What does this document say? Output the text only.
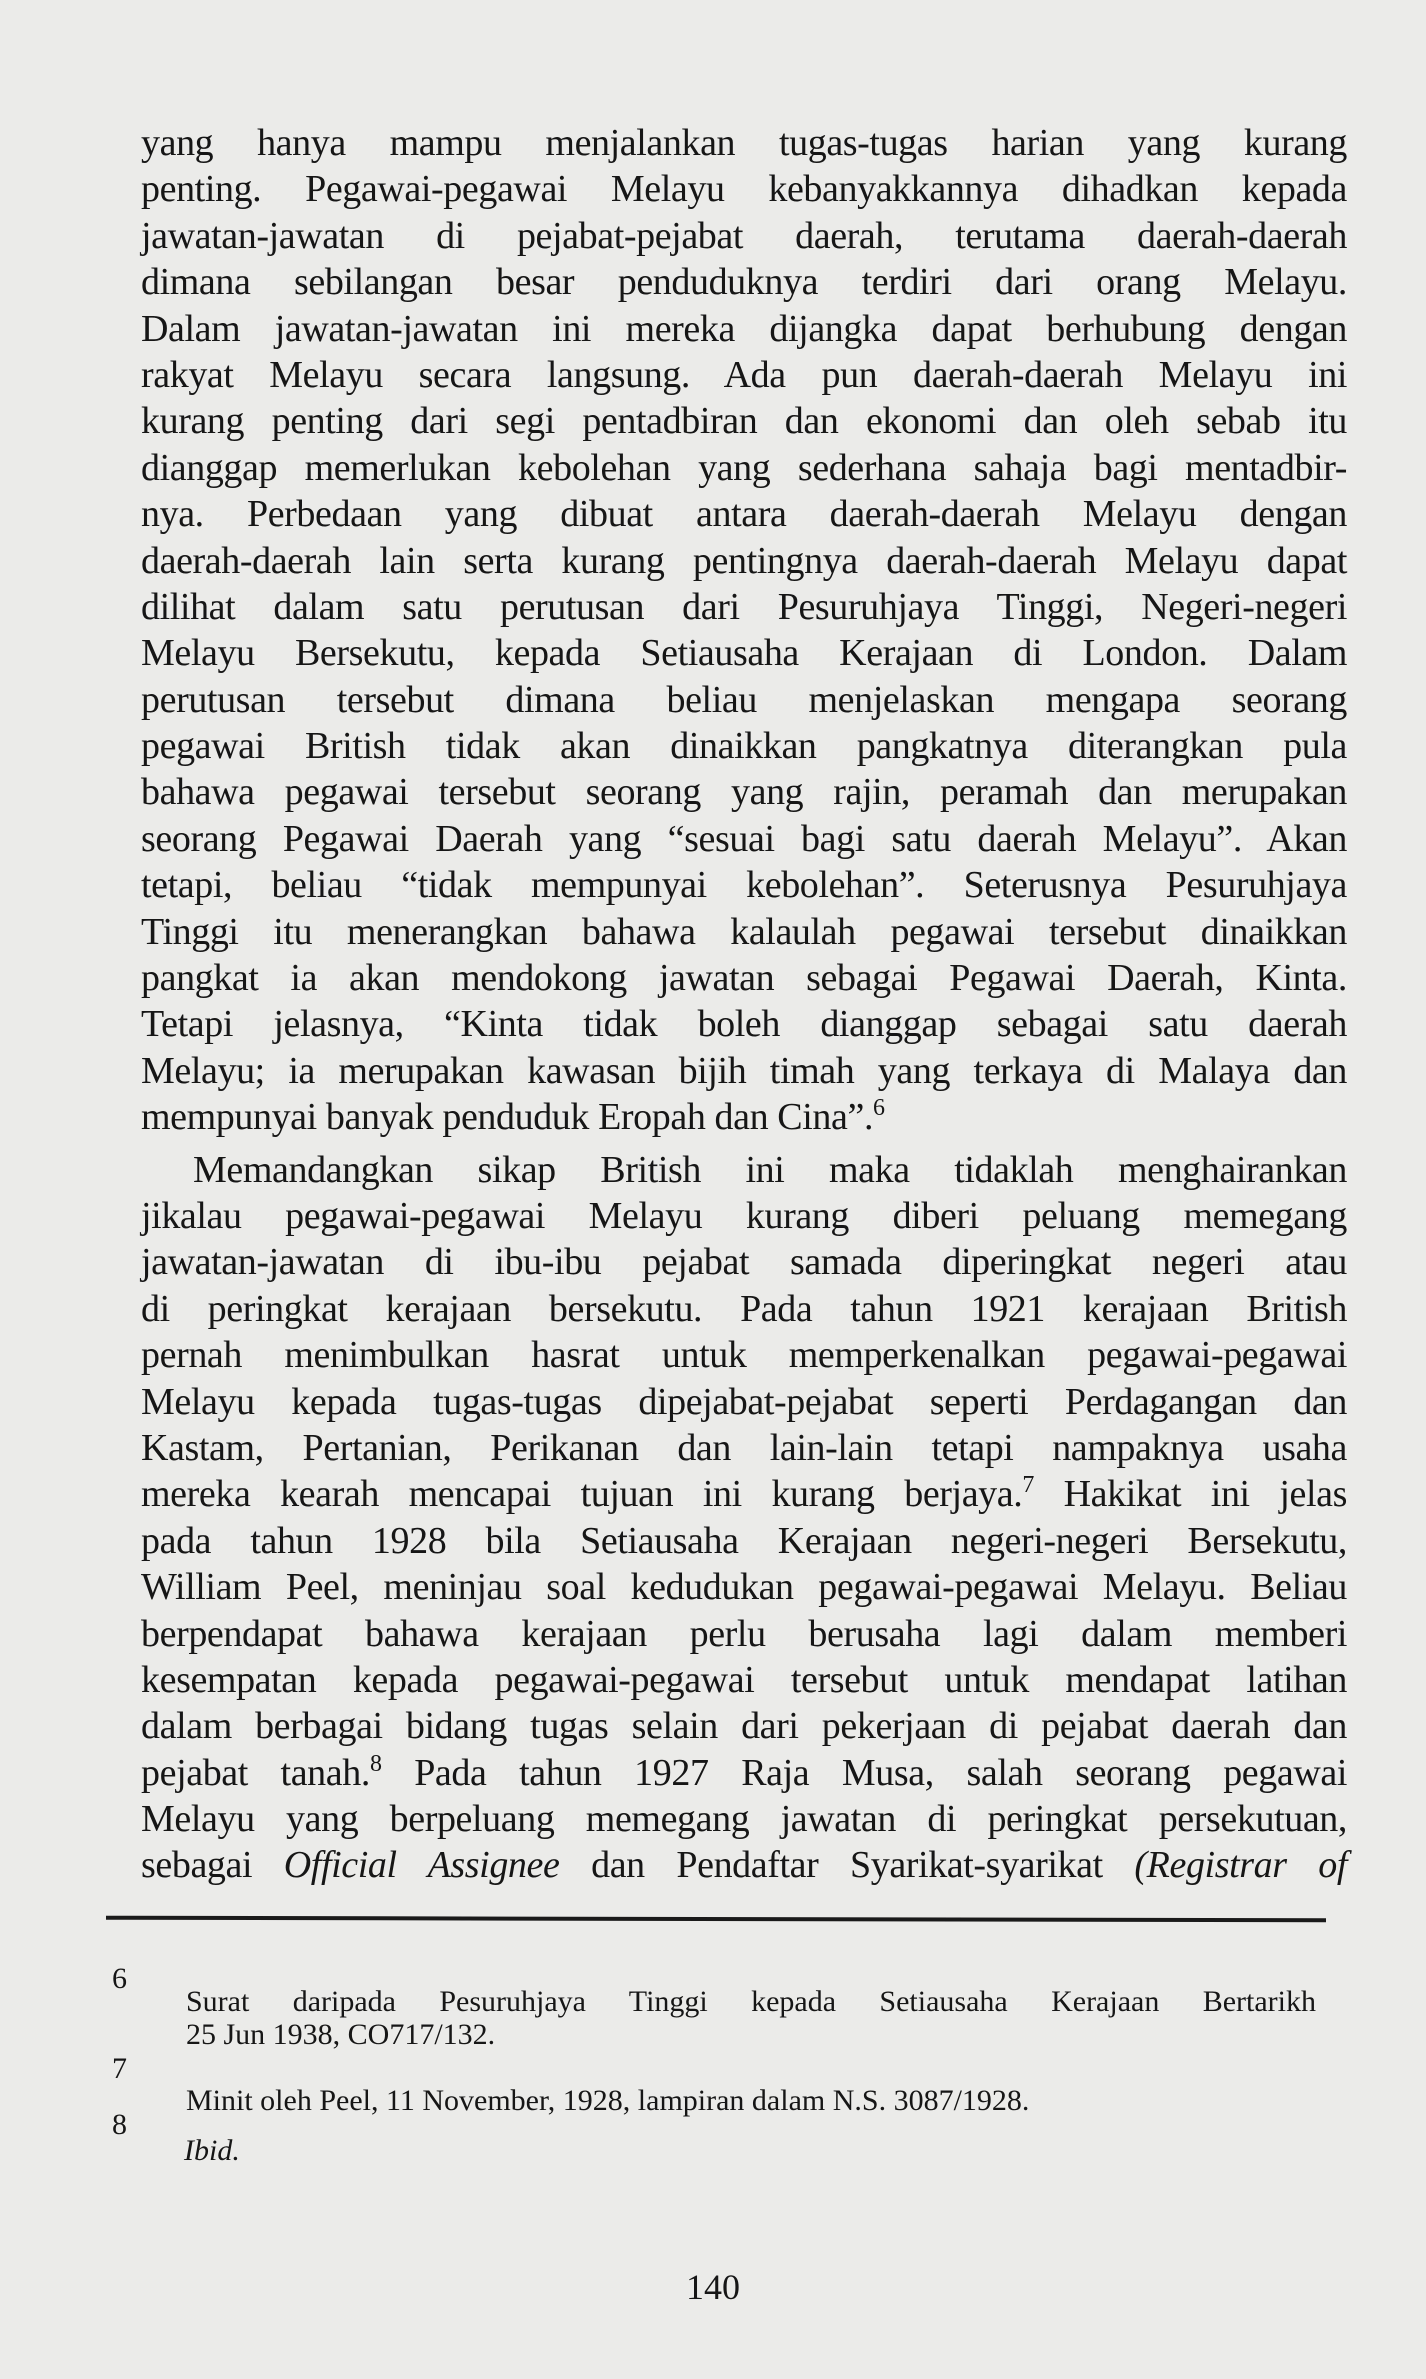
yang hanya mampu menjalankan tugas-tugas harian yang kurang
penting. Pegawai-pegawai Melayu kebanyakkannya dihadkan kepada
jawatan-jawatan di pejabat-pejabat daerah, terutama daerah-daerah
dimana sebilangan besar penduduknya terdiri dari orang Melayu.
Dalam jawatan-jawatan ini mereka dijangka dapat berhubung dengan
rakyat Melayu secara langsung. Ada pun daerah-daerah Melayu ini
kurang penting dari segi pentadbiran dan ekonomi dan oleh sebab itu
dianggap memerlukan kebolehan yang sederhana sahaja bagi mentadbir-
nya. Perbedaan yang dibuat antara daerah-daerah Melayu dengan
daerah-daerah lain serta kurang pentingnya daerah-daerah Melayu dapat
dilihat dalam satu perutusan dari Pesuruhjaya Tinggi, Negeri-negeri
Melayu Bersekutu, kepada Setiausaha Kerajaan di London. Dalam
perutusan tersebut dimana beliau menjelaskan mengapa seorang
pegawai British tidak akan dinaikkan pangkatnya diterangkan pula
bahawa pegawai tersebut seorang yang rajin, peramah dan merupakan
seorang Pegawai Daerah yang “sesuai bagi satu daerah Melayu”. Akan
tetapi, beliau “tidak mempunyai kebolehan”. Seterusnya Pesuruhjaya
Tinggi itu menerangkan bahawa kalaulah pegawai tersebut dinaikkan
pangkat ia akan mendokong jawatan sebagai Pegawai Daerah, Kinta.
Tetapi jelasnya, “Kinta tidak boleh dianggap sebagai satu daerah
Melayu; ia merupakan kawasan bijih timah yang terkaya di Malaya dan
mempunyai banyak penduduk Eropah dan Cina”.$^6$
Memandangkan sikap British ini maka tidaklah menghairankan
jikalau pegawai-pegawai Melayu kurang diberi peluang memegang
jawatan-jawatan di ibu-ibu pejabat samada diperingkat negeri atau
di peringkat kerajaan bersekutu. Pada tahun 1921 kerajaan British
pernah menimbulkan hasrat untuk memperkenalkan pegawai-pegawai
Melayu kepada tugas-tugas dipejabat-pejabat seperti Perdagangan dan
Kastam, Pertanian, Perikanan dan lain-lain tetapi nampaknya usaha
mereka kearah mencapai tujuan ini kurang berjaya.$^7$ Hakikat ini jelas
pada tahun 1928 bila Setiausaha Kerajaan negeri-negeri Bersekutu,
William Peel, meninjau soal kedudukan pegawai-pegawai Melayu. Beliau
berpendapat bahawa kerajaan perlu berusaha lagi dalam memberi
kesempatan kepada pegawai-pegawai tersebut untuk mendapat latihan
dalam berbagai bidang tugas selain dari pekerjaan di pejabat daerah dan
pejabat tanah.$^8$ Pada tahun 1927 Raja Musa, salah seorang pegawai
Melayu yang berpeluang memegang jawatan di peringkat persekutuan,
sebagai Official Assignee dan Pendaftar Syarikat-syarikat (Registrar of
6
Surat daripada Pesuruhjaya Tinggi kepada Setiausaha Kerajaan Bertarikh
25 Jun 1938, CO717/132.
7
Minit oleh Peel, 11 November, 1928, lampiran dalam N.S. 3087/1928.
8
Ibid.
140
